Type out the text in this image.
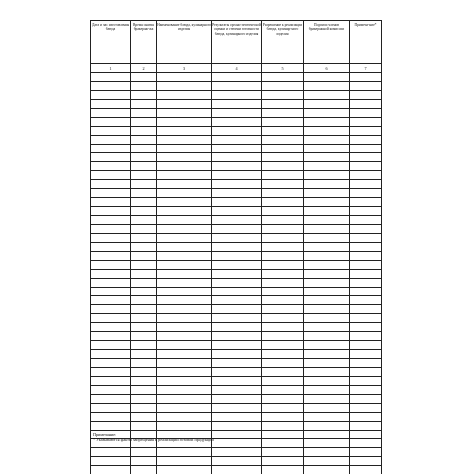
Дата и час изготовления блюда	Время снятия бракераж-жа	Наименование блюда, кулинарного изделия	Результаты органо-лептической оценки и степени готовности блюда, кулинарного изделия	Разрешение к реализации блюда, кулинар-ного изделия	Подписи членов бракеражной комиссии	Примеча-ние*
1	2	3	4	5	6	7

Примечание:
* Указываются факты запрещения к реализации готовой продукции
